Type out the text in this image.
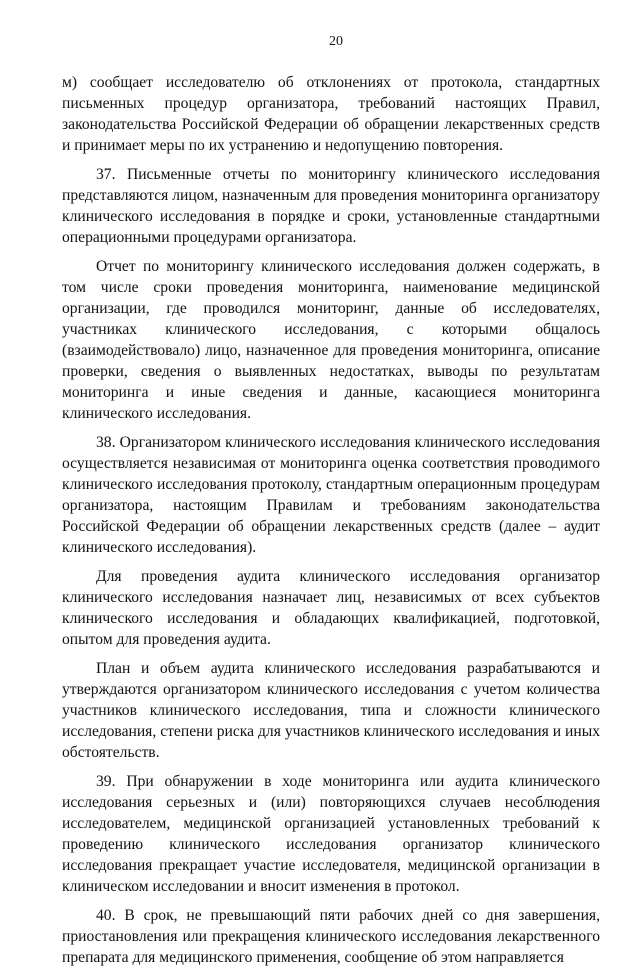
20

м) сообщает исследователю об отклонениях от протокола, стандартных письменных процедур организатора, требований настоящих Правил, законодательства Российской Федерации об обращении лекарственных средств и принимает меры по их устранению и недопущению повторения.

37. Письменные отчеты по мониторингу клинического исследования представляются лицом, назначенным для проведения мониторинга организатору клинического исследования в порядке и сроки, установленные стандартными операционными процедурами организатора.

Отчет по мониторингу клинического исследования должен содержать, в том числе сроки проведения мониторинга, наименование медицинской организации, где проводился мониторинг, данные об исследователях, участниках клинического исследования, с которыми общалось (взаимодействовало) лицо, назначенное для проведения мониторинга, описание проверки, сведения о выявленных недостатках, выводы по результатам мониторинга и иные сведения и данные, касающиеся мониторинга клинического исследования.

38. Организатором клинического исследования клинического исследования осуществляется независимая от мониторинга оценка соответствия проводимого клинического исследования протоколу, стандартным операционным процедурам организатора, настоящим Правилам и требованиям законодательства Российской Федерации об обращении лекарственных средств (далее – аудит клинического исследования).

Для проведения аудита клинического исследования организатор клинического исследования назначает лиц, независимых от всех субъектов клинического исследования и обладающих квалификацией, подготовкой, опытом для проведения аудита.

План и объем аудита клинического исследования разрабатываются и утверждаются организатором клинического исследования с учетом количества участников клинического исследования, типа и сложности клинического исследования, степени риска для участников клинического исследования и иных обстоятельств.

39. При обнаружении в ходе мониторинга или аудита клинического исследования серьезных и (или) повторяющихся случаев несоблюдения исследователем, медицинской организацией установленных требований к проведению клинического исследования организатор клинического исследования прекращает участие исследователя, медицинской организации в клиническом исследовании и вносит изменения в протокол.

40. В срок, не превышающий пяти рабочих дней со дня завершения, приостановления или прекращения клинического исследования лекарственного препарата для медицинского применения, сообщение об этом направляется
